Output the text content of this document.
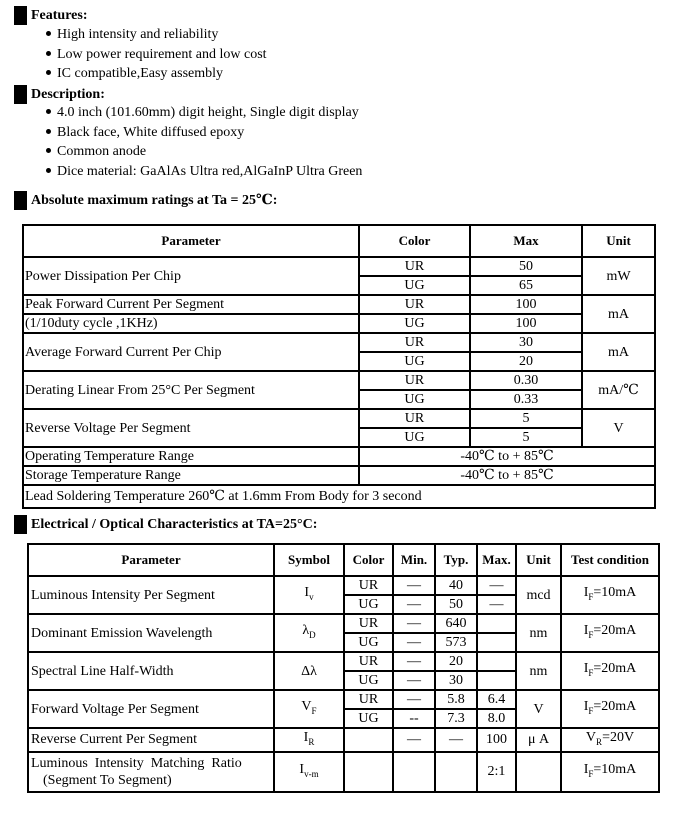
Features:
High intensity and reliability
Low power requirement and low cost
IC compatible,Easy assembly
Description:
4.0 inch (101.60mm) digit height, Single digit display
Black face, White diffused epoxy
Common anode
Dice material: GaAlAs Ultra red,AlGaInP Ultra Green
Absolute maximum ratings at Ta = 25℃:
Parameter	Color	Max	Unit
Power Dissipation Per Chip	UR	50	mW
	UG	65	
Peak Forward Current Per Segment	UR	100	mA
(1/10duty cycle ,1KHz)	UG	100	
Average Forward Current Per Chip	UR	30	mA
	UG	20	
Derating Linear From 25°C Per Segment	UR	0.30	mA/℃
	UG	0.33	
Reverse Voltage Per Segment	UR	5	V
	UG	5	
Operating Temperature Range	-40℃ to + 85℃		
Storage Temperature Range	-40℃ to + 85℃		
Lead Soldering Temperature 260℃ at 1.6mm From Body for 3 second			
Electrical / Optical Characteristics at TA=25°C:
Parameter	Symbol	Color	Min.	Typ.	Max.	Unit	Test condition
Luminous Intensity Per Segment	$I_v$	UR	—	40	—	mcd	$I_F=10mA$
		UG	—	50	—		
Dominant Emission Wavelength	$\lambda_D$	UR	—	640		nm	$I_F=20mA$
		UG	—	573			
Spectral Line Half-Width	Δλ	UR	—	20		nm	$I_F=20mA$
		UG	—	30			
Forward Voltage Per Segment	$V_F$	UR	—	5.8	6.4	V	$I_F=20mA$
		UG	--	7.3	8.0		
Reverse Current Per Segment	$I_R$		—	—	100	μ A	$V_R=20V$

Luminous  Intensity  Matching  Ratio
(Segment To Segment)	$I_{v-m}$				2:1		$I_F=10mA$
